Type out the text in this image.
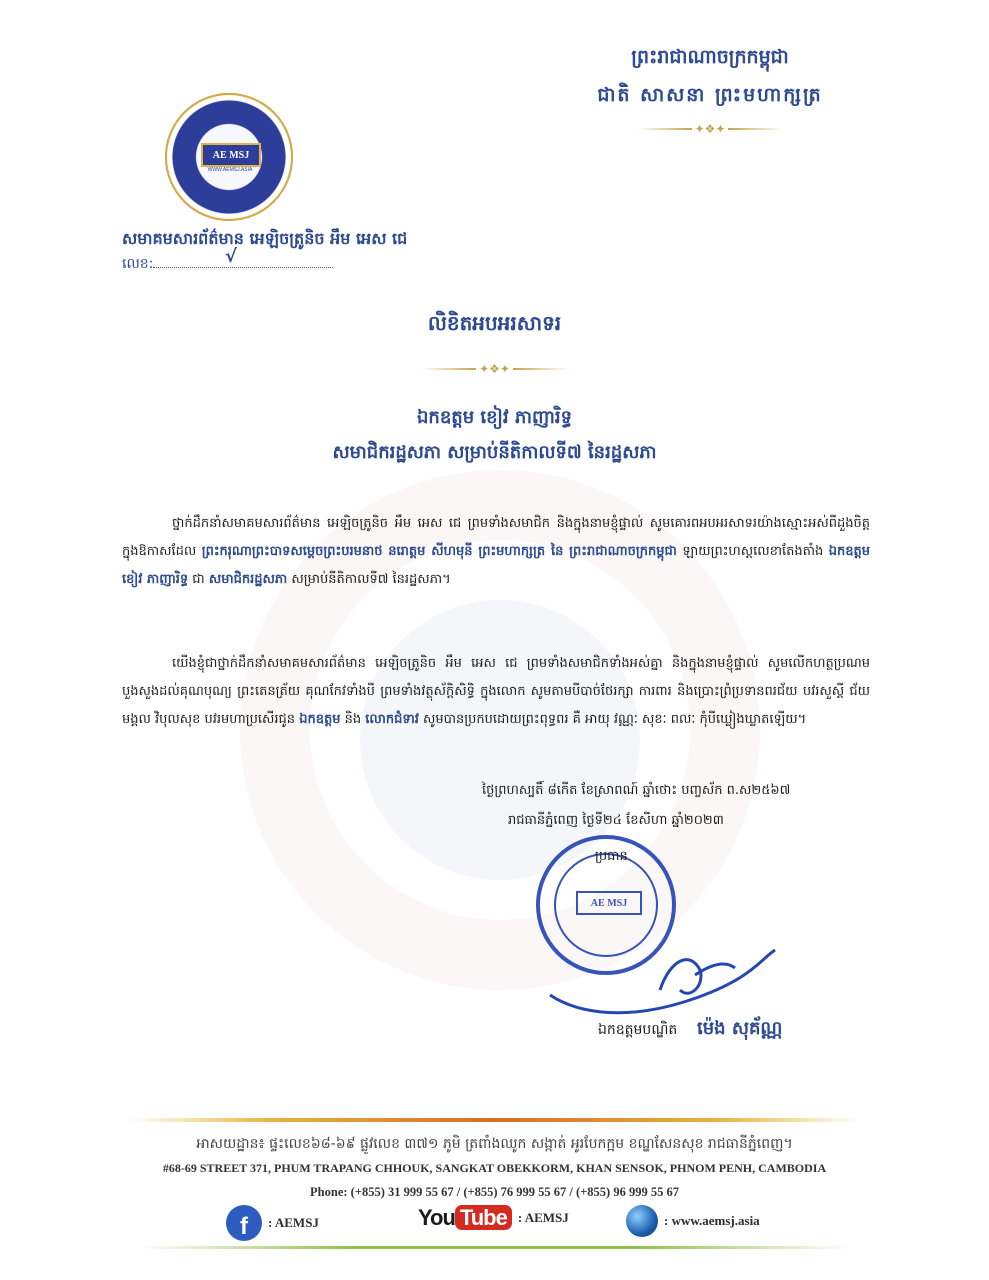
ព្រះរាជាណាចក្រកម្ពុជា
ជាតិ សាសនា ព្រះមហាក្សត្រ
✦❖✦
AE MSJ
WWW.AEMSJ.ASIA
សមាគមសារព័ត៌មាន អេឡិចត្រូនិច អឹម អេស ជេ
លេខ:	√
លិខិតអបអរសាទរ
✦❖✦
ឯកឧត្តម ខៀវ ភាញារិទ្ធ
សមាជិករដ្ឋសភា សម្រាប់នីតិកាលទី៧ នៃរដ្ឋសភា
ថ្នាក់ដឹកនាំសមាគមសារព័ត៌មាន អេឡិចត្រូនិច អឹម អេស ជេ ព្រមទាំងសមាជិក និងក្នុងនាមខ្ញុំផ្ទាល់ សូមគោរពអបអរសាទរយ៉ាងស្មោះអស់ពីដួងចិត្ត ក្នុងឱកាសដែល ព្រះករុណាព្រះបាទសម្តេចព្រះបរមនាថ នរោត្តម សីហមុនី ព្រះមហាក្សត្រ នៃ ព្រះរាជាណាចក្រកម្ពុជា ឡាយព្រះហស្តលេខាតែងតាំង ឯកឧត្តម ខៀវ ភាញារិទ្ធ ជា សមាជិករដ្ឋសភា សម្រាប់នីតិកាលទី៧ នៃរដ្ឋសភា។
យើងខ្ញុំជាថ្នាក់ដឹកនាំសមាគមសារព័ត៌មាន អេឡិចត្រូនិច អឹម អេស ជេ ព្រមទាំងសមាជិកទាំងអស់គ្នា និងក្នុងនាមខ្ញុំផ្ទាល់ សូមលើកហត្ថប្រណមបួងសួងដល់គុណបុណ្យ ព្រះតេនត្រ័យ គុណកែវទាំងបី ព្រមទាំងវត្ថុស័ក្តិសិទ្ធិ ក្នុងលោក សូមតាមបីបាច់ថែរក្សា ការពារ និងប្រោះព្រំប្រទានពរជ័យ បវរសួស្តី ជ័យមង្គល វិបុលសុខ បវរមហាប្រសើរជូន ឯកឧត្តម និង លោកជំទាវ សូមបានប្រកបដោយព្រះពុទ្ធពរ គឺ អាយុ វណ្ណៈ សុខៈ ពលៈ កុំបីឃ្លៀងឃ្លាតឡើយ។
ថ្ងៃព្រហស្បតិ៍ ៨កើត ខែស្រាពណ៍ ឆ្នាំថោះ បញ្ចស័ក ព.ស២៥៦៧
រាជធានីភ្នំពេញ ថ្ងៃទី២៤ ខែសីហា ឆ្នាំ២០២៣
AE MSJ
ប្រធាន
ឯកឧត្តមបណ្ឌិត ម៉េង សុគ័ណ្ណ
អាសយដ្ឋាន៖ ផ្ទះលេខ៦៨-៦៩ ផ្លូវលេខ ៣៧១ ភូមិ ត្រពាំងឈូក សង្កាត់ អូរបែកក្អម ខណ្ឌសែនសុខ រាជធានីភ្នំពេញ។
#68-69 STREET 371, PHUM TRAPANG CHHOUK, SANGKAT OBEKKORM, KHAN SENSOK, PHNOM PENH, CAMBODIA
Phone: (+855) 31 999 55 67 / (+855) 76 999 55 67 / (+855) 96 999 55 67
f	: AEMSJ	You Tube : AEMSJ	: www.aemsj.asia
